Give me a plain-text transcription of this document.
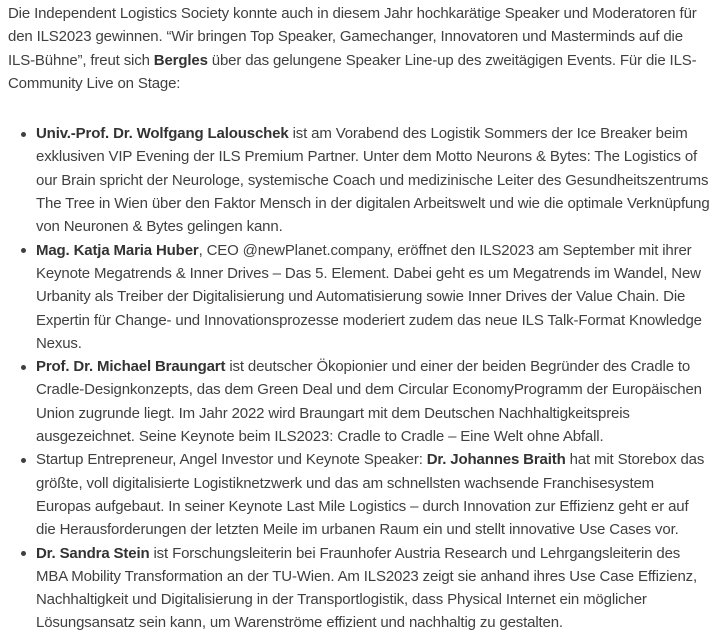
Die Independent Logistics Society konnte auch in diesem Jahr hochkarätige Speaker und Moderatoren für den ILS2023 gewinnen. “Wir bringen Top Speaker, Gamechanger, Innovatoren und Masterminds auf die ILS-Bühne”, freut sich Bergles über das gelungene Speaker Line-up des zweitägigen Events. Für die ILS-Community Live on Stage:

Univ.-Prof. Dr. Wolfgang Lalouschek ist am Vorabend des Logistik Sommers der Ice Breaker beim exklusiven VIP Evening der ILS Premium Partner. Unter dem Motto Neurons & Bytes: The Logistics of our Brain spricht der Neurologe, systemische Coach und medizinische Leiter des Gesundheitszentrums The Tree in Wien über den Faktor Mensch in der digitalen Arbeitswelt und wie die optimale Verknüpfung von Neuronen & Bytes gelingen kann.
Mag. Katja Maria Huber, CEO @newPlanet.company, eröffnet den ILS2023 am September mit ihrer Keynote Megatrends & Inner Drives – Das 5. Element. Dabei geht es um Megatrends im Wandel, New Urbanity als Treiber der Digitalisierung und Automatisierung sowie Inner Drives der Value Chain. Die Expertin für Change- und Innovationsprozesse moderiert zudem das neue ILS Talk-Format Knowledge Nexus.
Prof. Dr. Michael Braungart ist deutscher Ökopionier und einer der beiden Begründer des Cradle to Cradle-Designkonzepts, das dem Green Deal und dem Circular EconomyProgramm der Europäischen Union zugrunde liegt. Im Jahr 2022 wird Braungart mit dem Deutschen Nachhaltigkeitspreis ausgezeichnet. Seine Keynote beim ILS2023: Cradle to Cradle – Eine Welt ohne Abfall.
Startup Entrepreneur, Angel Investor und Keynote Speaker: Dr. Johannes Braith hat mit Storebox das größte, voll digitalisierte Logistiknetzwerk und das am schnellsten wachsende Franchisesystem Europas aufgebaut. In seiner Keynote Last Mile Logistics – durch Innovation zur Effizienz geht er auf die Herausforderungen der letzten Meile im urbanen Raum ein und stellt innovative Use Cases vor.
Dr. Sandra Stein ist Forschungsleiterin bei Fraunhofer Austria Research und Lehrgangsleiterin des MBA Mobility Transformation an der TU-Wien. Am ILS2023 zeigt sie anhand ihres Use Case Effizienz, Nachhaltigkeit und Digitalisierung in der Transportlogistik, dass Physical Internet ein möglicher Lösungsansatz sein kann, um Warenströme effizient und nachhaltig zu gestalten.
